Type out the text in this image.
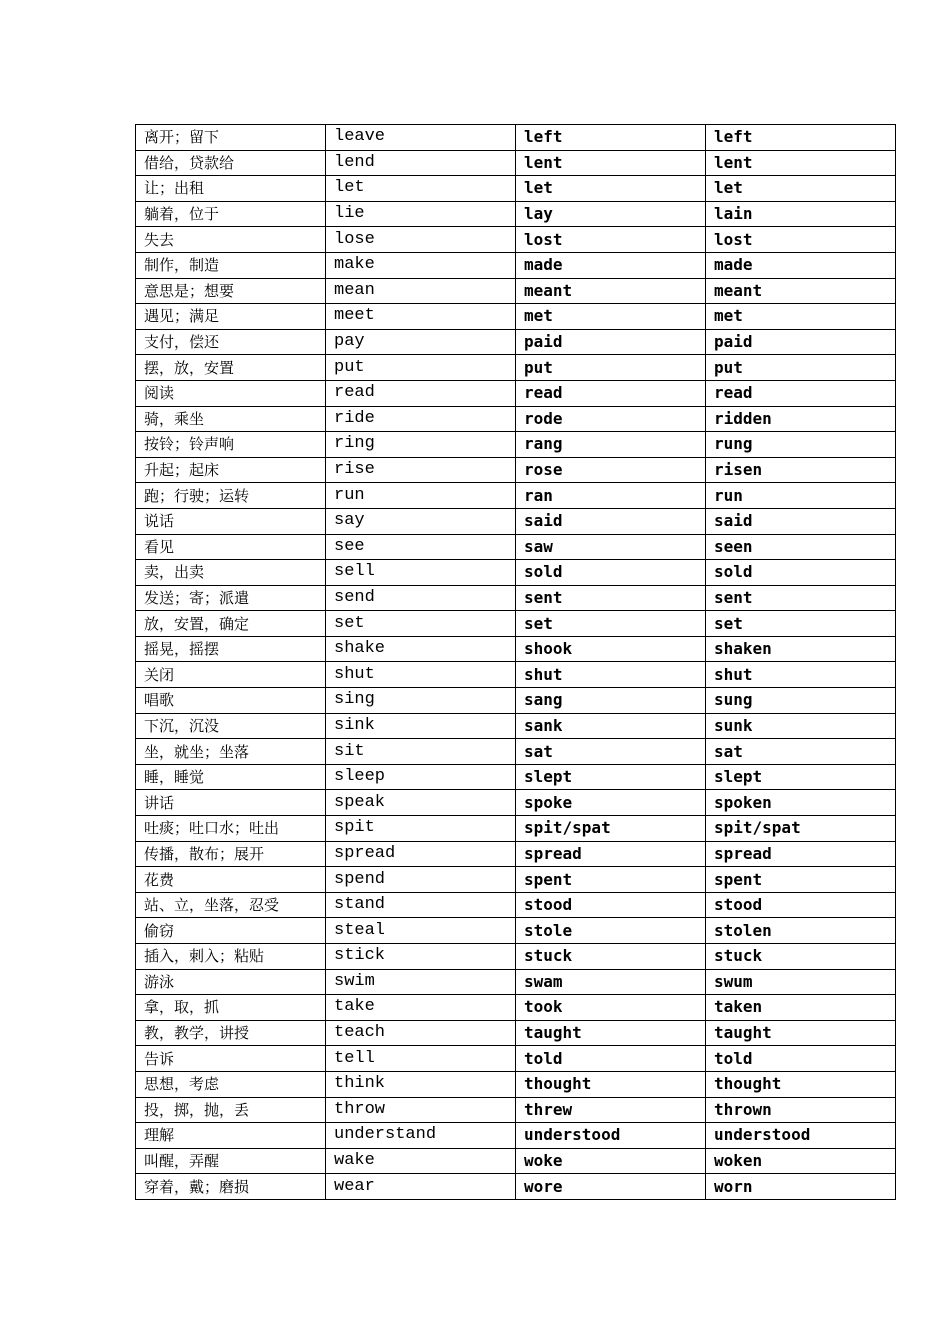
离开；留下	leave	left	left
借给，贷款给	lend	lent	lent
让；出租	let	let	let
躺着，位于	lie	lay	lain
失去	lose	lost	lost
制作，制造	make	made	made
意思是；想要	mean	meant	meant
遇见；满足	meet	met	met
支付，偿还	pay	paid	paid
摆，放，安置	put	put	put
阅读	read	read	read
骑，乘坐	ride	rode	ridden
按铃；铃声响	ring	rang	rung
升起；起床	rise	rose	risen
跑；行驶；运转	run	ran	run
说话	say	said	said
看见	see	saw	seen
卖，出卖	sell	sold	sold
发送；寄；派遣	send	sent	sent
放，安置，确定	set	set	set
摇晃，摇摆	shake	shook	shaken
关闭	shut	shut	shut
唱歌	sing	sang	sung
下沉，沉没	sink	sank	sunk
坐，就坐；坐落	sit	sat	sat
睡，睡觉	sleep	slept	slept
讲话	speak	spoke	spoken
吐痰；吐口水；吐出	spit	spit/spat	spit/spat
传播，散布；展开	spread	spread	spread
花费	spend	spent	spent
站、立，坐落，忍受	stand	stood	stood
偷窃	steal	stole	stolen
插入，刺入；粘贴	stick	stuck	stuck
游泳	swim	swam	swum
拿，取，抓	take	took	taken
教，教学，讲授	teach	taught	taught
告诉	tell	told	told
思想，考虑	think	thought	thought
投，掷，抛，丢	throw	threw	thrown
理解	understand	understood	understood
叫醒，弄醒	wake	woke	woken
穿着，戴；磨损	wear	wore	worn
